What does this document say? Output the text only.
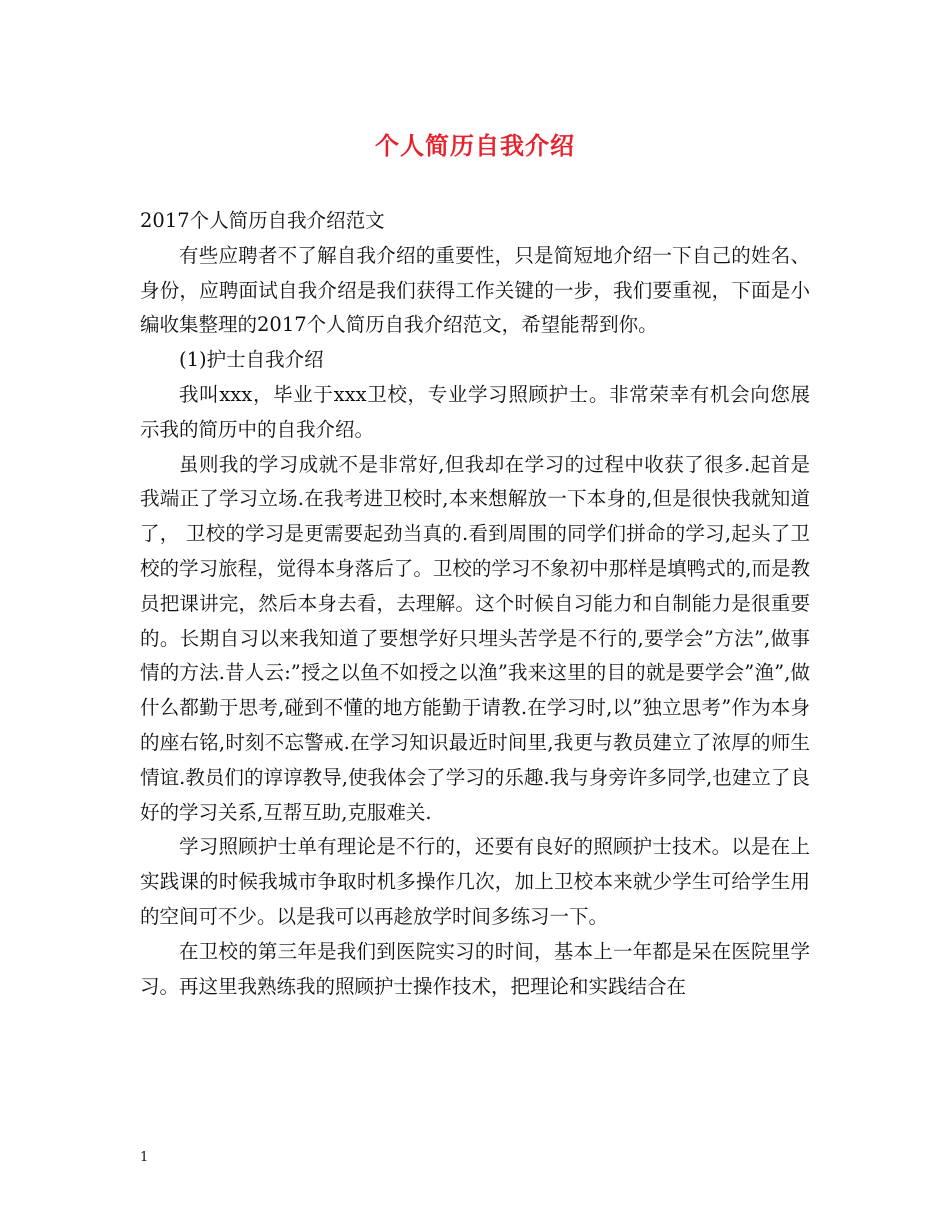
个人简历自我介绍

2017个人简历自我介绍范文

有些应聘者不了解自我介绍的重要性，只是简短地介绍一下自己的姓名、身份，应聘面试自我介绍是我们获得工作关键的一步，我们要重视，下面是小编收集整理的2017个人简历自我介绍范文，希望能帮到你。

(1)护士自我介绍

我叫xxx，毕业于xxx卫校，专业学习照顾护士。非常荣幸有机会向您展示我的简历中的自我介绍。

虽则我的学习成就不是非常好,但我却在学习的过程中收获了很多.起首是我端正了学习立场.在我考进卫校时,本来想解放一下本身的,但是很快我就知道了， 卫校的学习是更需要起劲当真的.看到周围的同学们拼命的学习,起头了卫校的学习旅程，觉得本身落后了。卫校的学习不象初中那样是填鸭式的,而是教员把课讲完，然后本身去看，去理解。这个时候自习能力和自制能力是很重要的。长期自习以来我知道了要想学好只埋头苦学是不行的,要学会”方法”,做事情的方法.昔人云:”授之以鱼不如授之以渔”我来这里的目的就是要学会”渔”,做什么都勤于思考,碰到不懂的地方能勤于请教.在学习时,以”独立思考”作为本身的座右铭,时刻不忘警戒.在学习知识最近时间里,我更与教员建立了浓厚的师生情谊.教员们的谆谆教导,使我体会了学习的乐趣.我与身旁许多同学,也建立了良好的学习关系,互帮互助,克服难关.

学习照顾护士单有理论是不行的，还要有良好的照顾护士技术。以是在上实践课的时候我城市争取时机多操作几次，加上卫校本来就少学生可给学生用的空间可不少。以是我可以再趁放学时间多练习一下。

在卫校的第三年是我们到医院实习的时间，基本上一年都是呆在医院里学习。再这里我熟练我的照顾护士操作技术，把理论和实践结合在

1
